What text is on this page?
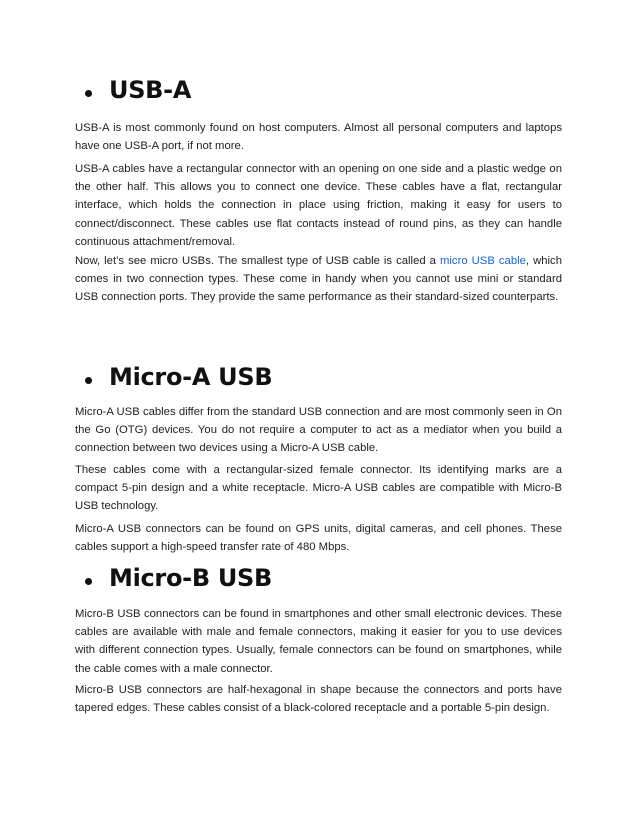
USB-A

USB-A is most commonly found on host computers. Almost all personal computers and laptops have one USB-A port, if not more.

USB-A cables have a rectangular connector with an opening on one side and a plastic wedge on the other half. This allows you to connect one device. These cables have a flat, rectangular interface, which holds the connection in place using friction, making it easy for users to connect/disconnect. These cables use flat contacts instead of round pins, as they can handle continuous attachment/removal.

Now, let’s see micro USBs. The smallest type of USB cable is called a micro USB cable, which comes in two connection types. These come in handy when you cannot use mini or standard USB connection ports. They provide the same performance as their standard-sized counterparts.

Micro-A USB

Micro-A USB cables differ from the standard USB connection and are most commonly seen in On the Go (OTG) devices. You do not require a computer to act as a mediator when you build a connection between two devices using a Micro-A USB cable.

These cables come with a rectangular-sized female connector. Its identifying marks are a compact 5-pin design and a white receptacle. Micro-A USB cables are compatible with Micro-B USB technology.

Micro-A USB connectors can be found on GPS units, digital cameras, and cell phones. These cables support a high-speed transfer rate of 480 Mbps.

Micro-B USB

Micro-B USB connectors can be found in smartphones and other small electronic devices. These cables are available with male and female connectors, making it easier for you to use devices with different connection types. Usually, female connectors can be found on smartphones, while the cable comes with a male connector.

Micro-B USB connectors are half-hexagonal in shape because the connectors and ports have tapered edges. These cables consist of a black-colored receptacle and a portable 5-pin design.
